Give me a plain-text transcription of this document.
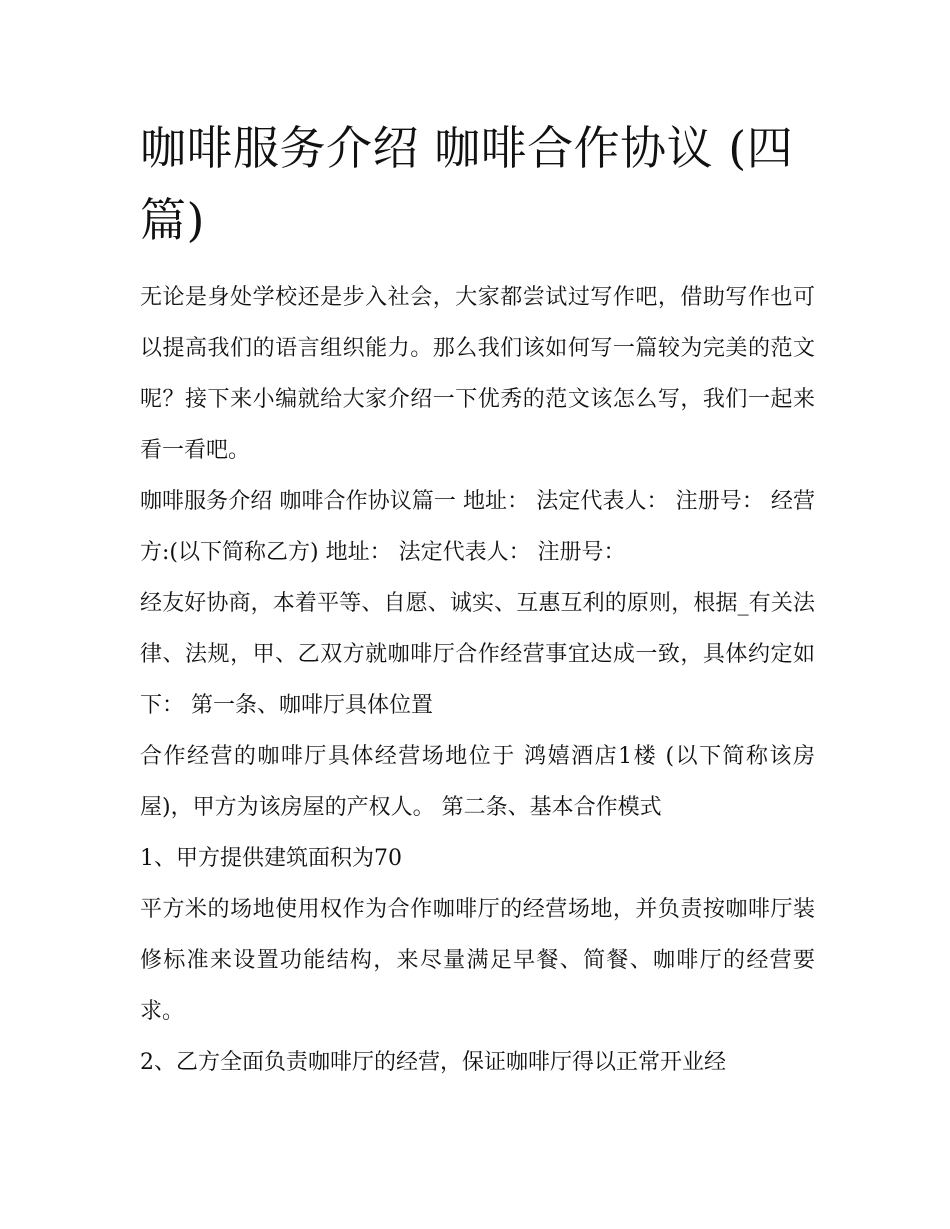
咖啡服务介绍 咖啡合作协议 (四篇)

无论是身处学校还是步入社会，大家都尝试过写作吧，借助写作也可以提高我们的语言组织能力。那么我们该如何写一篇较为完美的范文呢？接下来小编就给大家介绍一下优秀的范文该怎么写，我们一起来看一看吧。

咖啡服务介绍 咖啡合作协议篇一 地址： 法定代表人： 注册号： 经营方:(以下简称乙方) 地址： 法定代表人： 注册号：

经友好协商，本着平等、自愿、诚实、互惠互利的原则，根据_有关法律、法规，甲、乙双方就咖啡厅合作经营事宜达成一致，具体约定如下： 第一条、咖啡厅具体位置

合作经营的咖啡厅具体经营场地位于 鸿嬉酒店1楼 (以下简称该房屋)，甲方为该房屋的产权人。 第二条、基本合作模式

1、甲方提供建筑面积为70

平方米的场地使用权作为合作咖啡厅的经营场地，并负责按咖啡厅装修标准来设置功能结构，来尽量满足早餐、简餐、咖啡厅的经营要求。

2、乙方全面负责咖啡厅的经营，保证咖啡厅得以正常开业经
